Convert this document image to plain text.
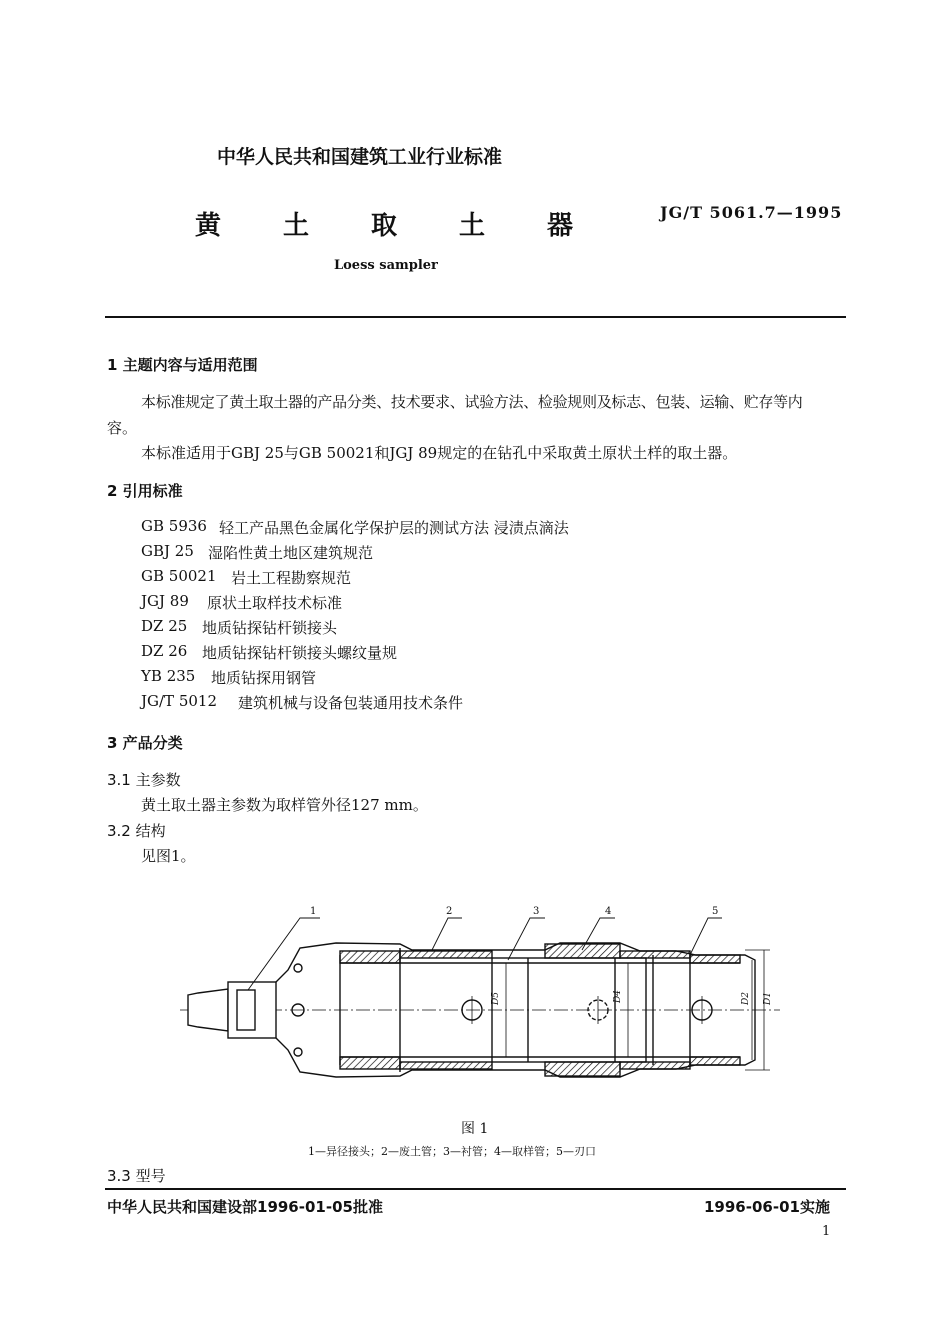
中华人民共和国建筑工业行业标准
黄 土 取 土 器	JG/T 5061.7—1995
Loess sampler
1 主题内容与适用范围
本标准规定了黄土取土器的产品分类、技术要求、试验方法、检验规则及标志、包装、运输、贮存等内
容。
本标准适用于GBJ 25与GB 50021和JGJ 89规定的在钻孔中采取黄土原状土样的取土器。
2 引用标准
GB 5936 轻工产品黑色金属化学保护层的测试方法 浸渍点滴法
GBJ 25 湿陷性黄土地区建筑规范
GB 50021 岩土工程勘察规范
JGJ 89 原状土取样技术标准
DZ 25 地质钻探钻杆锁接头
DZ 26 地质钻探钻杆锁接头螺纹量规
YB 235 地质钻探用钢管
JG/T 5012 建筑机械与设备包装通用技术条件
3 产品分类
3.1 主参数
黄土取土器主参数为取样管外径127 mm。
3.2 结构
见图1。
1	2	3	4	5
D5	D4	D2 D1
图 1
1—异径接头；2—废土管；3—衬管；4—取样管；5—刃口
3.3 型号
中华人民共和国建设部1996-01-05批准	1996-06-01实施
1
